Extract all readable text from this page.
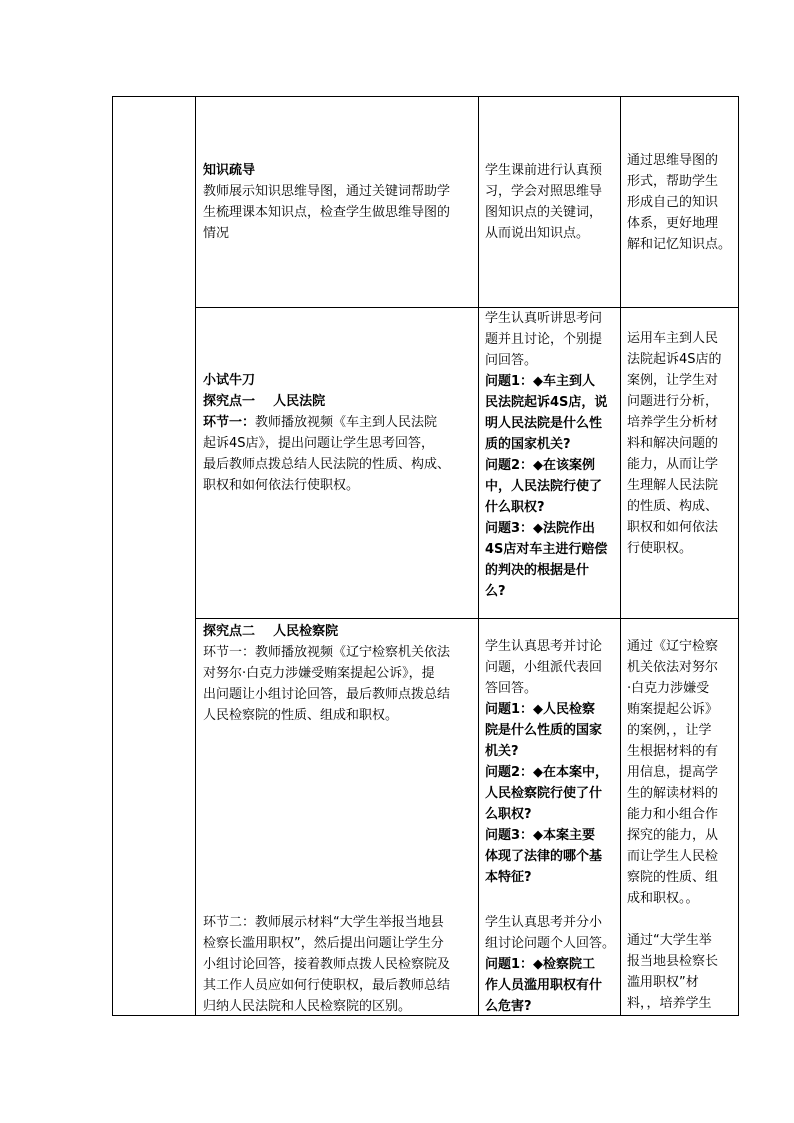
知识疏导

教师展示知识思维导图，通过关键词帮助学
生梳理课本知识点，检查学生做思维导图的
情况
学生课前进行认真预
习，学会对照思维导
图知识点的关键词，
从而说出知识点。
通过思维导图的
形式，帮助学生
形成自己的知识
体系，更好地理
解和记忆知识点。

小试牛刀

探究点一    人民法院

环节一：教师播放视频《车主到人民法院

起诉4S店》，提出问题让学生思考回答，

最后教师点拨总结人民法院的性质、构成、

职权和如何依法行使职权。

学生认真听讲思考问
题并且讨论，个别提
问回答。
问题1：◆车主到人
民法院起诉4S店，说
明人民法院是什么性
质的国家机关?
问题2：◆在该案例
中，人民法院行使了
什么职权?
问题3：◆法院作出
4S店对车主进行赔偿
的判决的根据是什
么?
运用车主到人民
法院起诉4S店的
案例，让学生对
问题进行分析，
培养学生分析材
料和解决问题的
能力，从而让学
生理解人民法院
的性质、构成、
职权和如何依法
行使职权。

探究点二    人民检察院

环节一：教师播放视频《辽宁检察机关依法

对努尔·白克力涉嫌受贿案提起公诉》，提

出问题让小组讨论回答，最后教师点拨总结

人民检察院的性质、组成和职权。

环节二：教师展示材料“大学生举报当地县

检察长滥用职权”，然后提出问题让学生分

小组讨论回答，接着教师点拨人民检察院及

其工作人员应如何行使职权，最后教师总结

归纳人民法院和人民检察院的区别。

学生认真思考并讨论
问题，小组派代表回
答回答。
问题1：◆人民检察
院是什么性质的国家
机关?
问题2：◆在本案中，
人民检察院行使了什
么职权?
问题3：◆本案主要
体现了法律的哪个基
本特征?
学生认真思考并分小
组讨论问题个人回答。
问题1：◆检察院工
作人员滥用职权有什
么危害?
通过《辽宁检察
机关依法对努尔
·白克力涉嫌受
贿案提起公诉》
的案例，，让学
生根据材料的有
用信息，提高学
生的解读材料的
能力和小组合作
探究的能力，从
而让学生人民检
察院的性质、组
成和职权。。
通过“大学生举
报当地县检察长
滥用职权”材
料，，培养学生
